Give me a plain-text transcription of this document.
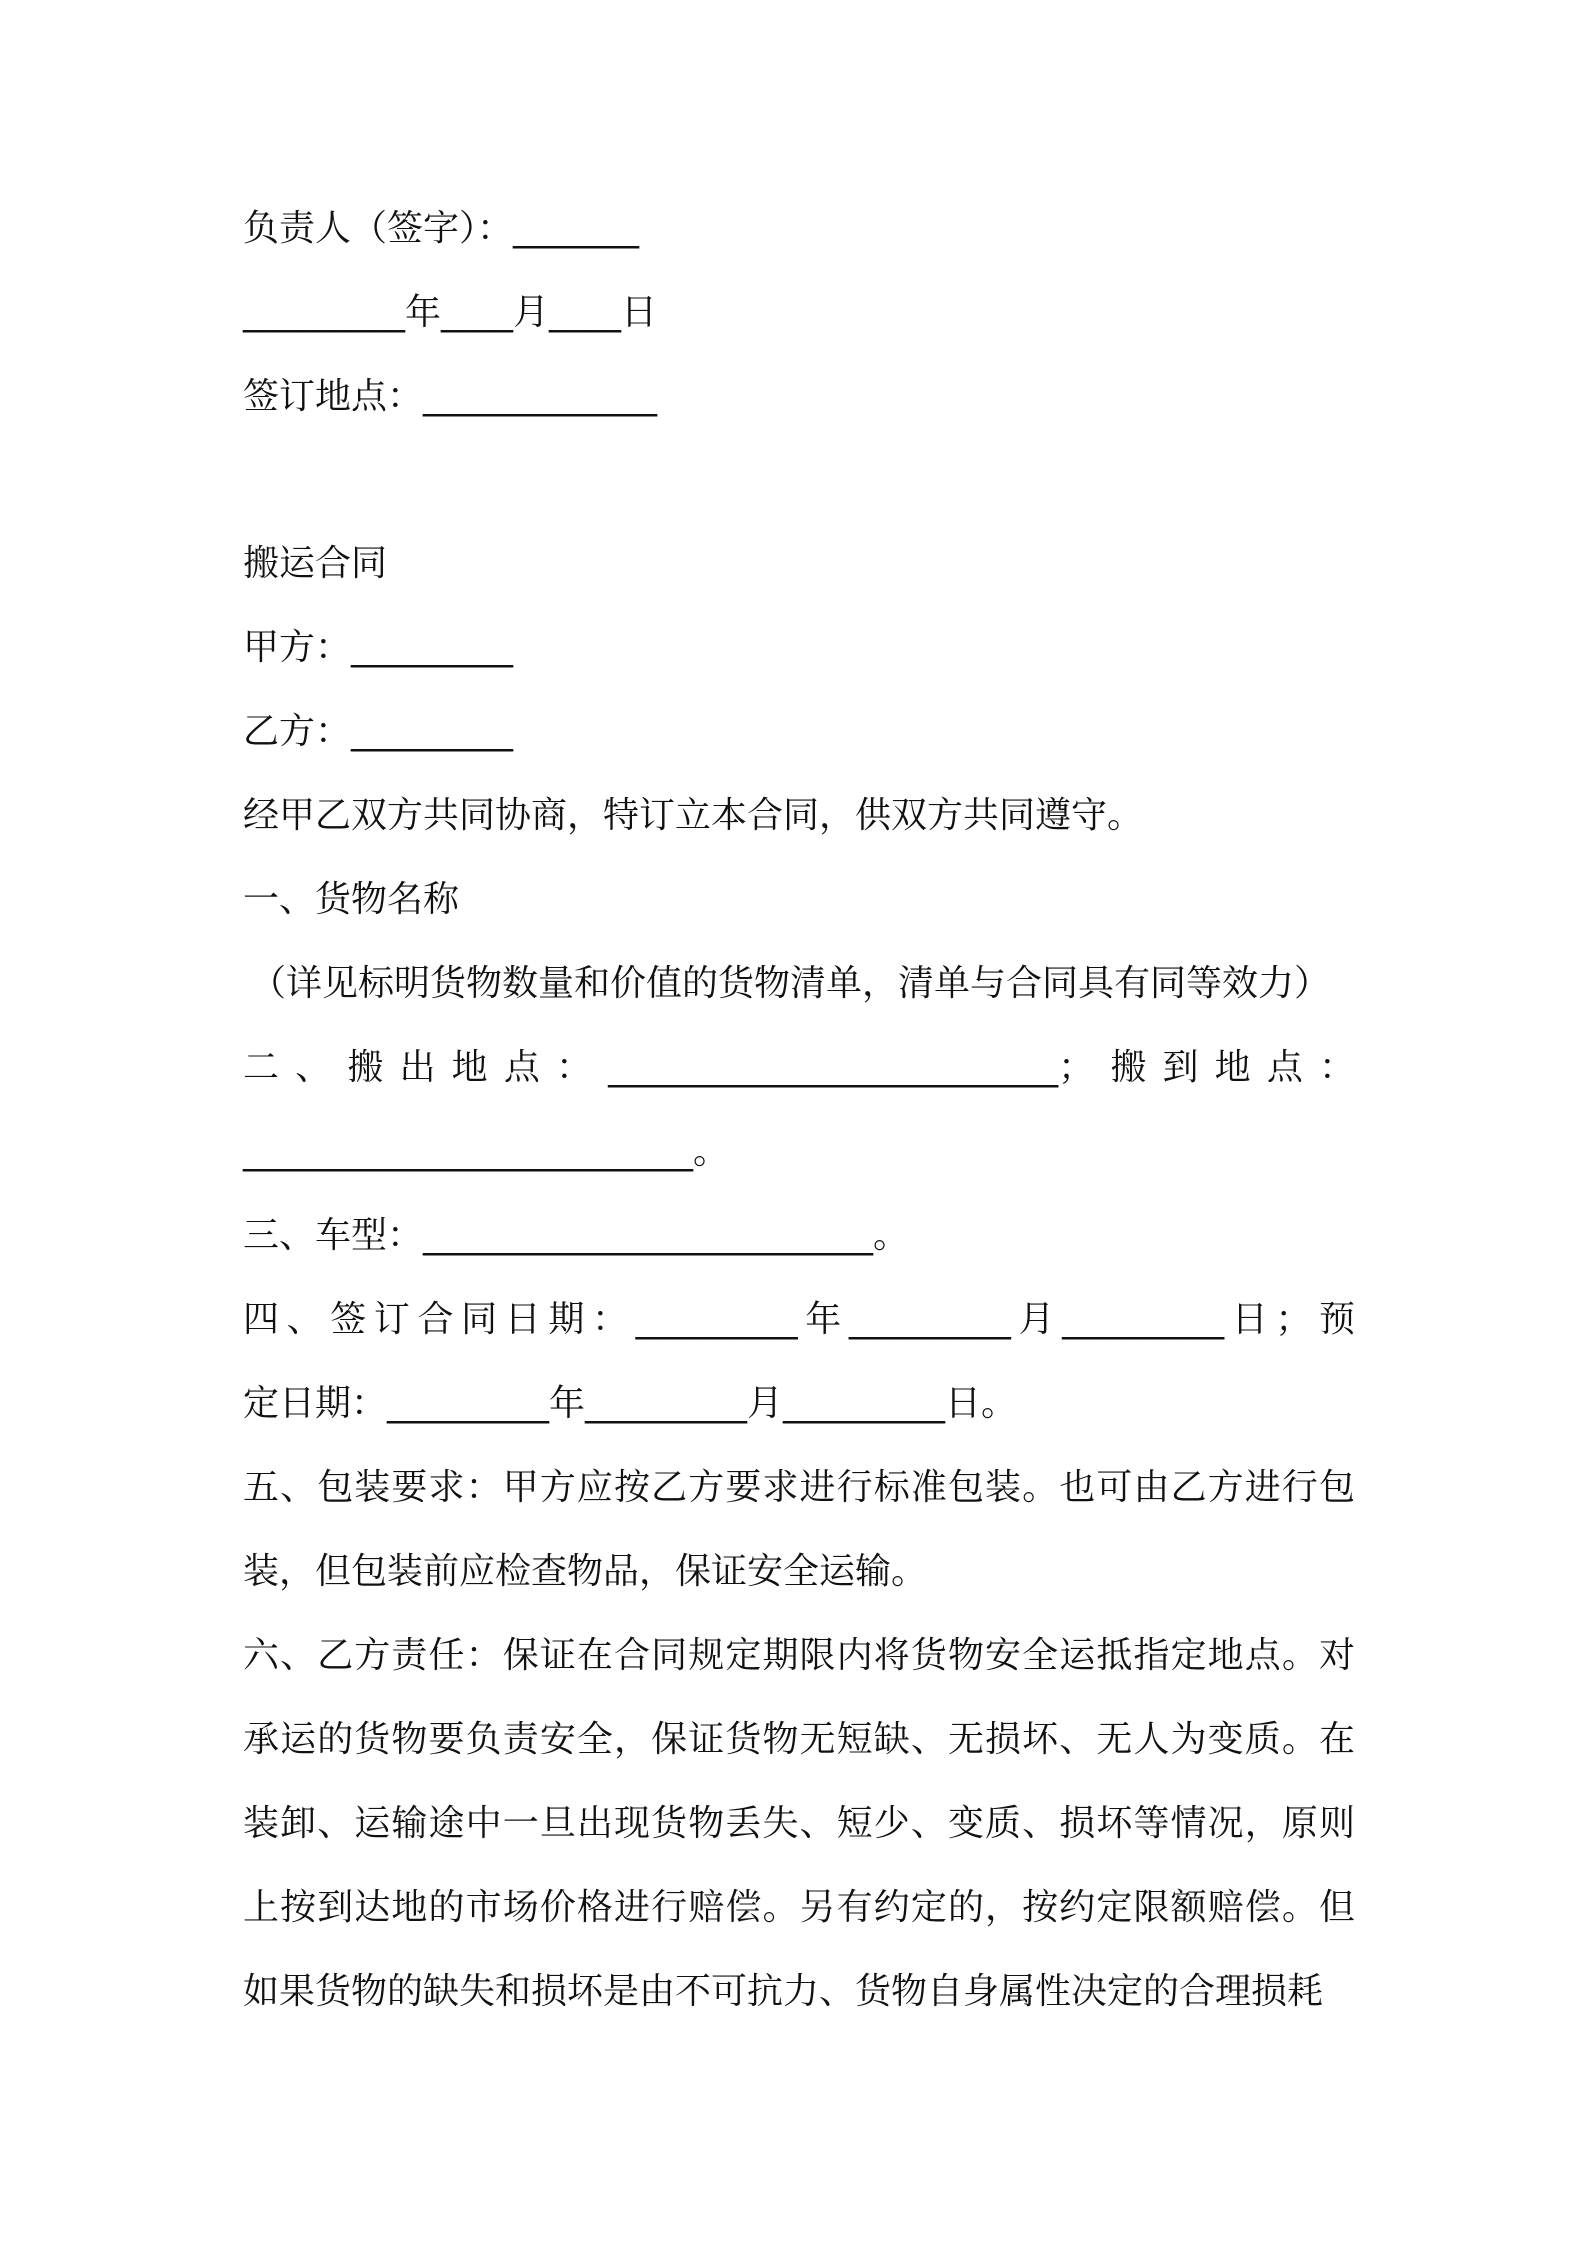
负责人（签字）：_______
_________年____月____日
签订地点：_____________
搬运合同
甲方：_________
乙方：_________
经甲乙双方共同协商，特订立本合同，供双方共同遵守。
一、货物名称
（详见标明货物数量和价值的货物清单，清单与合同具有同等效力）
二、搬出地点：_________________________；搬到地点：
_________________________。
三、车型：_________________________。
四、签订合同日期：_________年_________月_________日；预
定日期：_________年_________月_________日。
五、包装要求：甲方应按乙方要求进行标准包装。也可由乙方进行包装，但包装前应检查物品，保证安全运输。
六、乙方责任：保证在合同规定期限内将货物安全运抵指定地点。对承运的货物要负责安全，保证货物无短缺、无损坏、无人为变质。在装卸、运输途中一旦出现货物丢失、短少、变质、损坏等情况，原则上按到达地的市场价格进行赔偿。另有约定的，按约定限额赔偿。但如果货物的缺失和损坏是由不可抗力、货物自身属性决定的合理损耗
